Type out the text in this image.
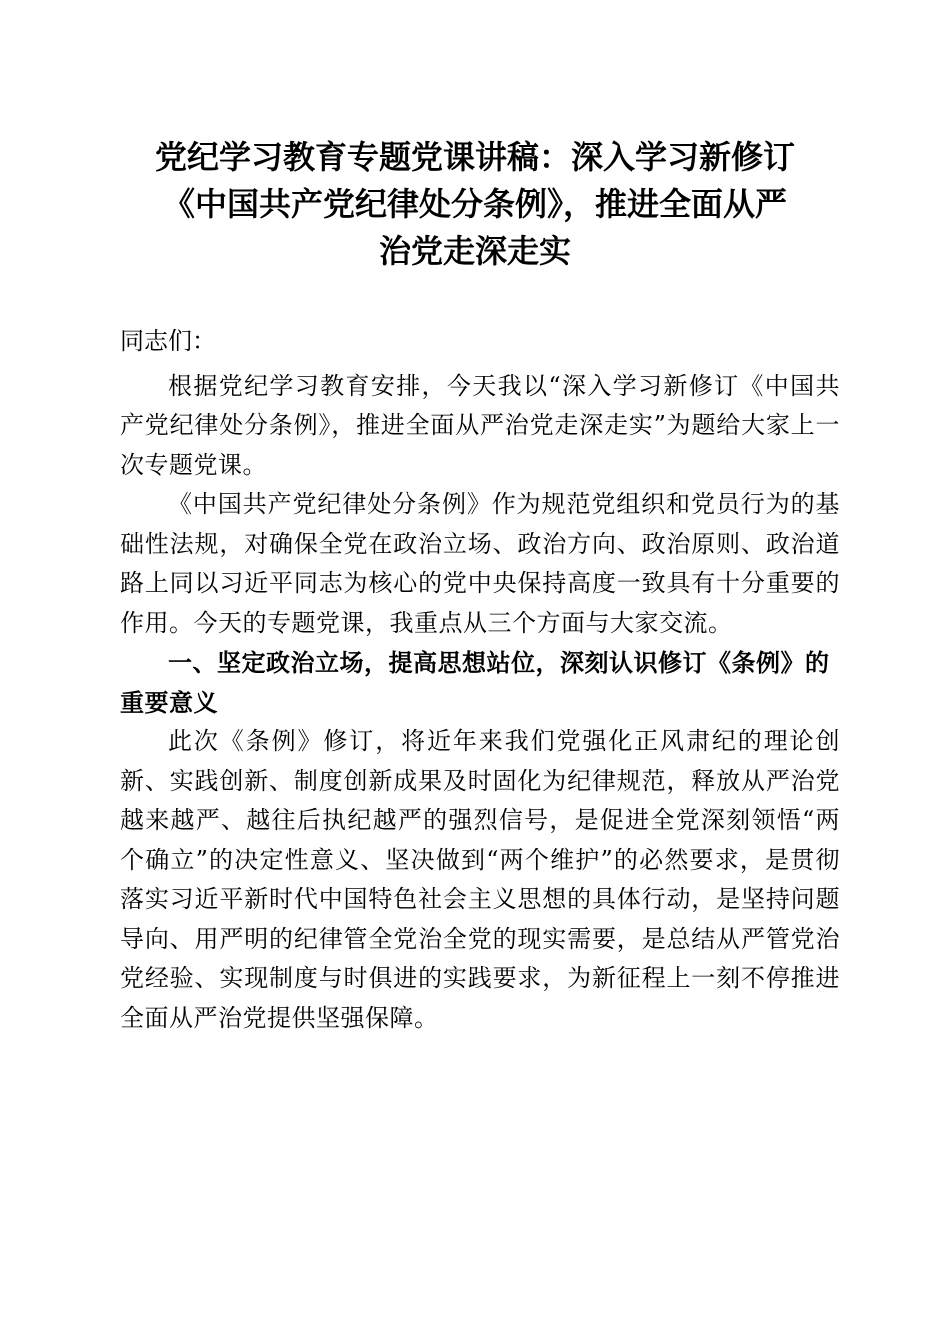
党纪学习教育专题党课讲稿：深入学习新修订
《中国共产党纪律处分条例》，推进全面从严
治党走深走实

同志们：

根据党纪学习教育安排，今天我以“深入学习新修订《中国共产党纪律处分条例》，推进全面从严治党走深走实”为题给大家上一次专题党课。

《中国共产党纪律处分条例》作为规范党组织和党员行为的基础性法规，对确保全党在政治立场、政治方向、政治原则、政治道路上同以习近平同志为核心的党中央保持高度一致具有十分重要的作用。今天的专题党课，我重点从三个方面与大家交流。

一、坚定政治立场，提高思想站位，深刻认识修订《条例》的重要意义

此次《条例》修订，将近年来我们党强化正风肃纪的理论创新、实践创新、制度创新成果及时固化为纪律规范，释放从严治党越来越严、越往后执纪越严的强烈信号，是促进全党深刻领悟“两个确立”的决定性意义、坚决做到“两个维护”的必然要求，是贯彻落实习近平新时代中国特色社会主义思想的具体行动，是坚持问题导向、用严明的纪律管全党治全党的现实需要，是总结从严管党治党经验、实现制度与时俱进的实践要求，为新征程上一刻不停推进全面从严治党提供坚强保障。
